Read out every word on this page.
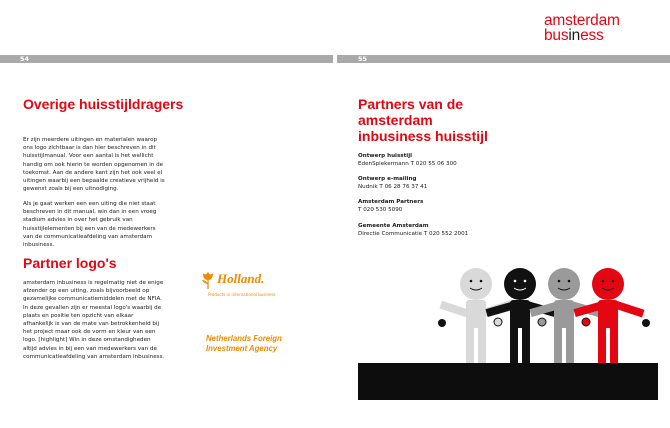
amsterdam
business
54	55
Overige huisstijldragers

Er zijn meerdere uitingen en materialen waarop ons logo zichtbaar is dan hier beschreven in dit huisstijlmanual. Voor een aantal is het wellicht handig om ook hierin te worden opgenomen in de toekomst. Aan de andere kant zijn het ook veel el uitingen waarbij een bepaalde creatieve vrijheid is gewenst zoals bij een uitnodiging.

Als je gaat werken een een uiting die niet staat beschreven in dit manual, win dan in een vroeg stadium advies in over het gebruik van huisstijlelementen bij een van de medewerkers van de communicatieafdeling van amsterdam inbusiness.

Partner logo's

amsterdam inbusiness is regelmatig niet de enige afzender op een uiting, zoals bijvoorbeeld op gezamelijke communicatiemiddelen met de NFIA. In deze gevallen zijn er meestal logo's waarbij de plaats en positie ten opzicht van elkaar afhankelijk is van de mate van betrokkenheid bij het project maar ook de vorm en kleur van een logo. [highlight] Win in deze omstandigheden altijd advies in bij een van medewerkers van de communicatieafdeling van amsterdam inbusiness.

Holland.
Products in international business
Netherlands Foreign
Investment Agency
Partners van de amsterdam inbusiness huisstijl
Ontwerp huisstijl
EdenSpiekermann T 020 55 06 300
Ontwerp e-mailing
Nudnik T 06 28 76 37 41
Amsterdam Partners
T 020 530 5090
Gemeente Amsterdam
Directie Communicatie T 020 552 2001
